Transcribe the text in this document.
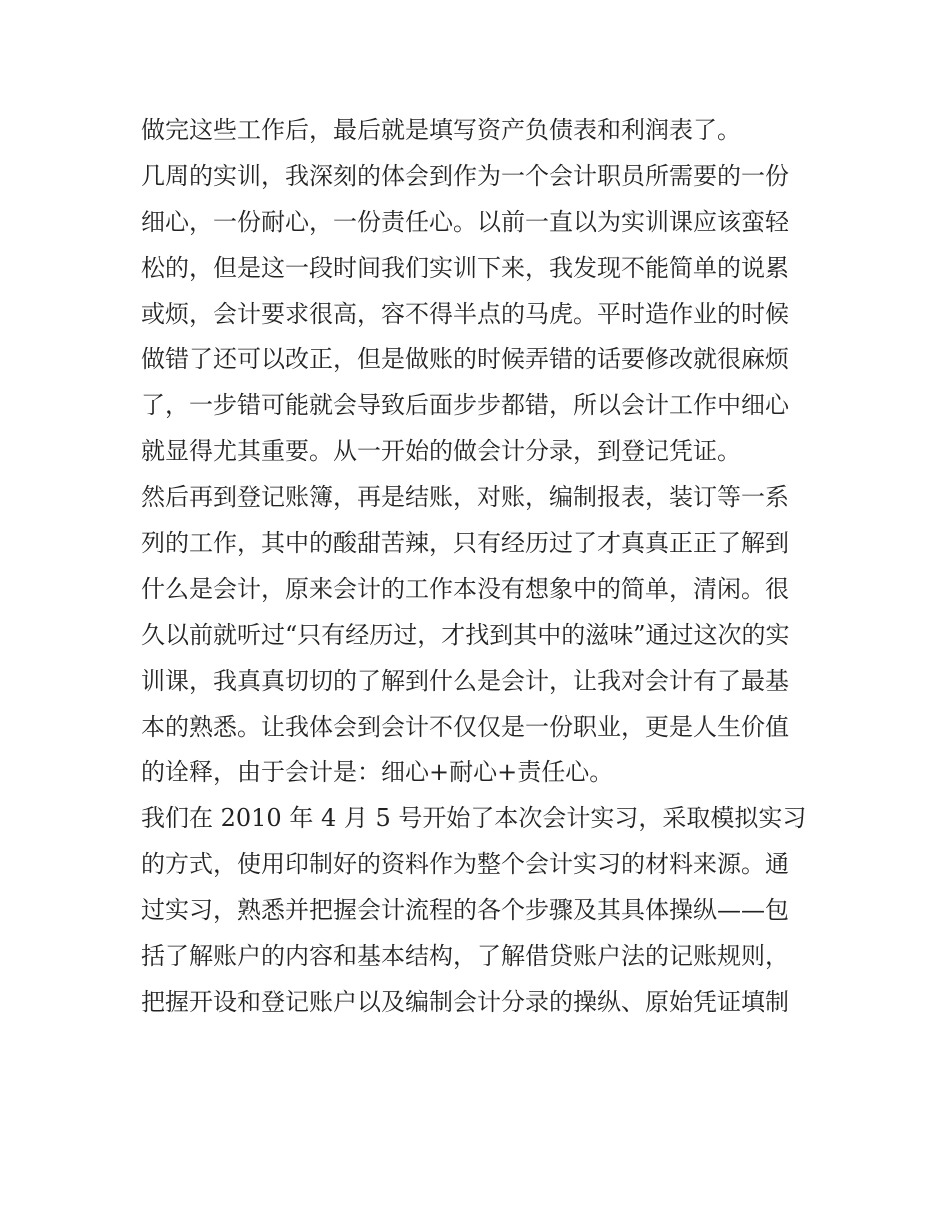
做完这些工作后，最后就是填写资产负债表和利润表了。
几周的实训，我深刻的体会到作为一个会计职员所需要的一份
细心，一份耐心，一份责任心。以前一直以为实训课应该蛮轻
松的，但是这一段时间我们实训下来，我发现不能简单的说累
或烦，会计要求很高，容不得半点的马虎。平时造作业的时候
做错了还可以改正，但是做账的时候弄错的话要修改就很麻烦
了，一步错可能就会导致后面步步都错，所以会计工作中细心
就显得尤其重要。从一开始的做会计分录，到登记凭证。
然后再到登记账簿，再是结账，对账，编制报表，装订等一系
列的工作，其中的酸甜苦辣，只有经历过了才真真正正了解到
什么是会计，原来会计的工作本没有想象中的简单，清闲。很
久以前就听过“只有经历过，才找到其中的滋味”通过这次的实
训课，我真真切切的了解到什么是会计，让我对会计有了最基
本的熟悉。让我体会到会计不仅仅是一份职业，更是人生价值
的诠释，由于会计是：细心+耐心+责任心。
我们在 2010 年 4 月 5 号开始了本次会计实习，采取模拟实习
的方式，使用印制好的资料作为整个会计实习的材料来源。通
过实习，熟悉并把握会计流程的各个步骤及其具体操纵——包
括了解账户的内容和基本结构，了解借贷账户法的记账规则，
把握开设和登记账户以及编制会计分录的操纵、原始凭证填制
